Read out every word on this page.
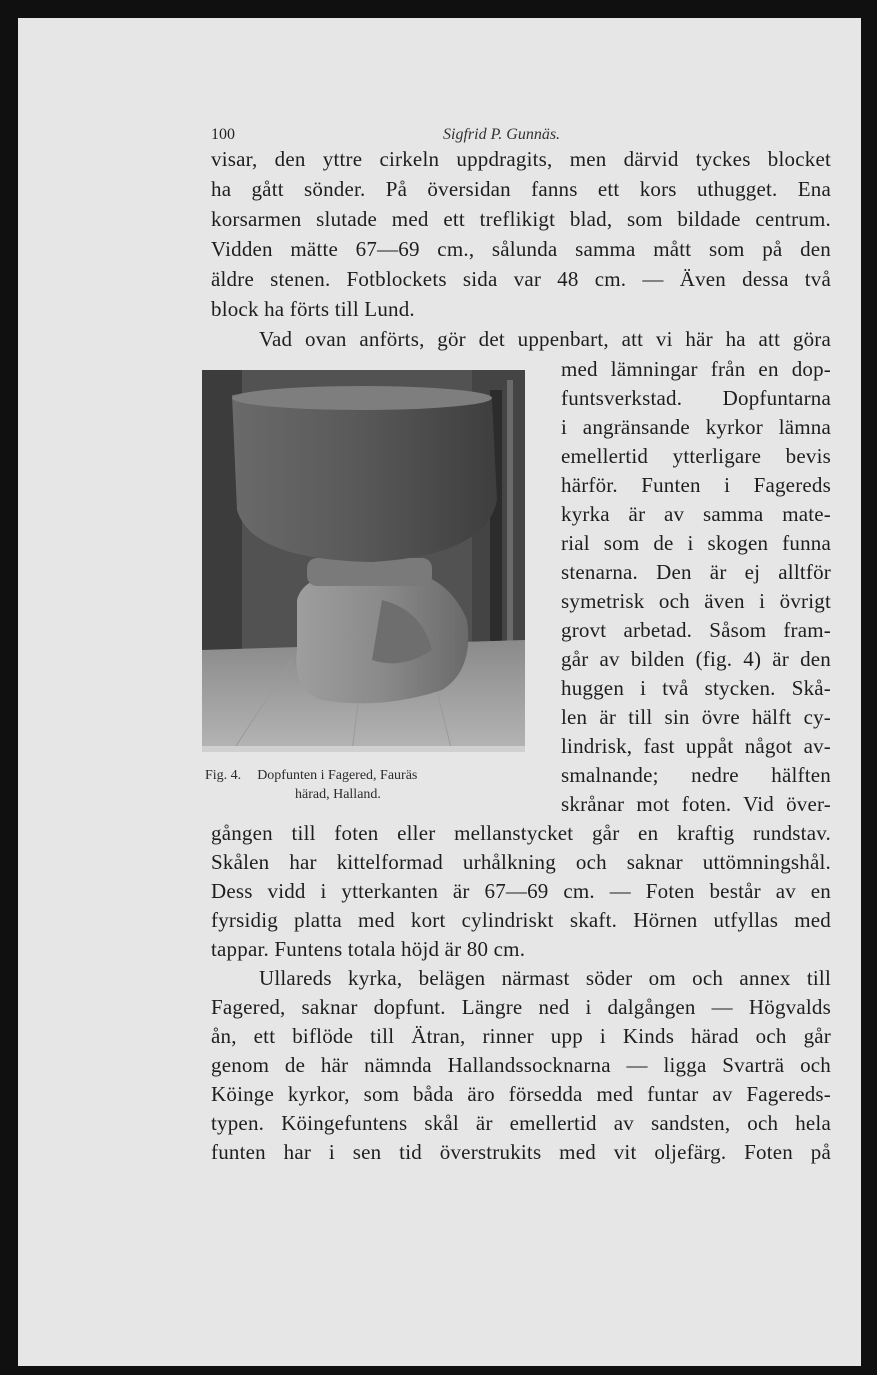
100	Sigfrid P. Gunnäs.
visar, den yttre cirkeln uppdragits, men därvid tyckes blocket
ha gått sönder. På översidan fanns ett kors uthugget. Ena
korsarmen slutade med ett treflikigt blad, som bildade centrum.
Vidden mätte 67—69 cm., sålunda samma mått som på den
äldre stenen. Fotblockets sida var 48 cm. — Även dessa två
block ha förts till Lund.
Vad ovan anförts, gör det uppenbart, att vi här ha att göra
med lämningar från en dop-
funtsverkstad. Dopfuntarna
i angränsande kyrkor lämna
emellertid ytterligare bevis
härför. Funten i Fagereds
kyrka är av samma mate-
rial som de i skogen funna
stenarna. Den är ej alltför
symetrisk och även i övrigt
grovt arbetad. Såsom fram-
går av bilden (fig. 4) är den
huggen i två stycken. Skå-
len är till sin övre hälft cy-
lindrisk, fast uppåt något av-
smalnande; nedre hälften
skrånar mot foten. Vid över-
Fig. 4. Dopfunten i Fagered, Fauräs
härad, Halland.
gången till foten eller mellanstycket går en kraftig rundstav.
Skålen har kittelformad urhålkning och saknar uttömningshål.
Dess vidd i ytterkanten är 67—69 cm. — Foten består av en
fyrsidig platta med kort cylindriskt skaft. Hörnen utfyllas med
tappar. Funtens totala höjd är 80 cm.
Ullareds kyrka, belägen närmast söder om och annex till
Fagered, saknar dopfunt. Längre ned i dalgången — Högvalds
ån, ett biflöde till Ätran, rinner upp i Kinds härad och går
genom de här nämnda Hallandssocknarna — ligga Svarträ och
Köinge kyrkor, som båda äro försedda med funtar av Fagereds-
typen. Köingefuntens skål är emellertid av sandsten, och hela
funten har i sen tid överstrukits med vit oljefärg. Foten på
